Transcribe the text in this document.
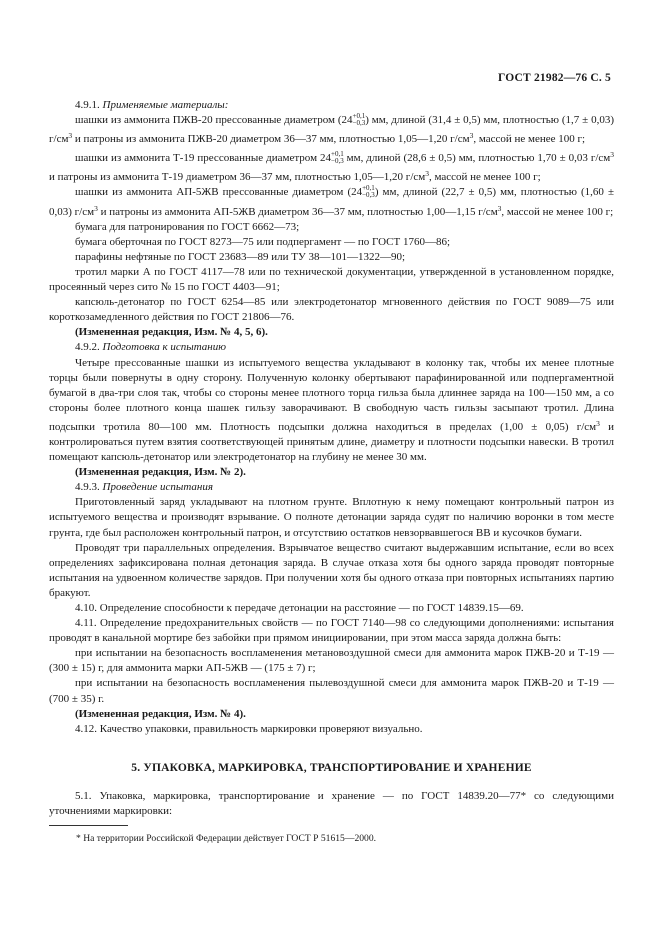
ГОСТ 21982—76 С. 5

4.9.1. Применяемые материалы:

шашки из аммонита ПЖВ-20 прессованные диаметром (24 +0,1
−0,3 ) мм, длиной (31,4 ± 0,5) мм, плотностью (1,7 ± 0,03) $г/см^3$ и патроны из аммонита ПЖВ-20 диаметром 36—37 мм, плотностью 1,05—1,20 $г/см^3$, массой не менее 100 г;

шашки из аммонита Т-19 прессованные диаметром 24 +0,1
−0,3 мм, длиной (28,6 ± 0,5) мм, плотностью 1,70 ± 0,03 $г/см^3$ и патроны из аммонита Т-19 диаметром 36—37 мм, плотностью 1,05—1,20 $г/см^3$, массой не менее 100 г;

шашки из аммонита АП-5ЖВ прессованные диаметром (24 +0,1
−0,3 ) мм, длиной (22,7 ± 0,5) мм, плотностью (1,60 ± 0,03) $г/см^3$ и патроны из аммонита АП-5ЖВ диаметром 36—37 мм, плотностью 1,00—1,15 $г/см^3$, массой не менее 100 г;

бумага для патронирования по ГОСТ 6662—73;

бумага оберточная по ГОСТ 8273—75 или подпергамент — по ГОСТ 1760—86;

парафины нефтяные по ГОСТ 23683—89 или ТУ 38—101—1322—90;

тротил марки А по ГОСТ 4117—78 или по технической документации, утвержденной в установленном порядке, просеянный через сито № 15 по ГОСТ 4403—91;

капсюль-детонатор по ГОСТ 6254—85 или электродетонатор мгновенного действия по ГОСТ 9089—75 или короткозамедленного действия по ГОСТ 21806—76.

(Измененная редакция, Изм. № 4, 5, 6).

4.9.2. Подготовка к испытанию

Четыре прессованные шашки из испытуемого вещества укладывают в колонку так, чтобы их менее плотные торцы были повернуты в одну сторону. Полученную колонку обертывают парафинированной или подпергаментной бумагой в два-три слоя так, чтобы со стороны менее плотного торца гильза была длиннее заряда на 100—150 мм, а со стороны более плотного конца шашек гильзу завoрачивают. В свободную часть гильзы засыпают тротил. Длина подсыпки тротила 80—100 мм. Плотность подсыпки должна находиться в пределах (1,00 ± 0,05) $г/см^3$ и контролироваться путем взятия соответствующей принятым длине, диаметру и плотности подсыпки навески. В тротил помещают капсюль-детонатор или электродетонатор на глубину не менее 30 мм.

(Измененная редакция, Изм. № 2).

4.9.3. Проведение испытания

Приготовленный заряд укладывают на плотном грунте. Вплотную к нему помещают контрольный патрон из испытуемого вещества и производят взрывание. О полноте детонации заряда судят по наличию воронки в том месте грунта, где был расположен контрольный патрон, и отсутствию остатков невзорвавшегося ВВ и кусочков бумаги.

Проводят три параллельных определения. Взрывчатое вещество считают выдержавшим испытание, если во всех определениях зафиксирована полная детонация заряда. В случае отказа хотя бы одного заряда проводят повторные испытания на удвоенном количестве зарядов. При получении хотя бы одного отказа при повторных испытаниях партию бракуют.

4.10. Определение способности к передаче детонации на расстояние — по ГОСТ 14839.15—69.

4.11. Определение предохранительных свойств — по ГОСТ 7140—98 со следующими дополнениями: испытания проводят в канальной мортире без забойки при прямом инициировании, при этом масса заряда должна быть:

при испытании на безопасность воспламенения метановоздушной смеси для аммонита марок ПЖВ-20 и Т-19 — (300 ± 15) г, для аммонита марки АП-5ЖВ — (175 ± 7) г;

при испытании на безопасность воспламенения пылевоздушной смеси для аммонита марок ПЖВ-20 и Т-19 — (700 ± 35) г.

(Измененная редакция, Изм. № 4).

4.12. Качество упаковки, правильность маркировки проверяют визуально.

5. УПАКОВКА, МАРКИРОВКА, ТРАНСПОРТИРОВАНИЕ И ХРАНЕНИЕ

5.1. Упаковка, маркировка, транспортирование и хранение — по ГОСТ 14839.20—77* со следующими уточнениями маркировки:

* На территории Российской Федерации действует ГОСТ Р 51615—2000.
